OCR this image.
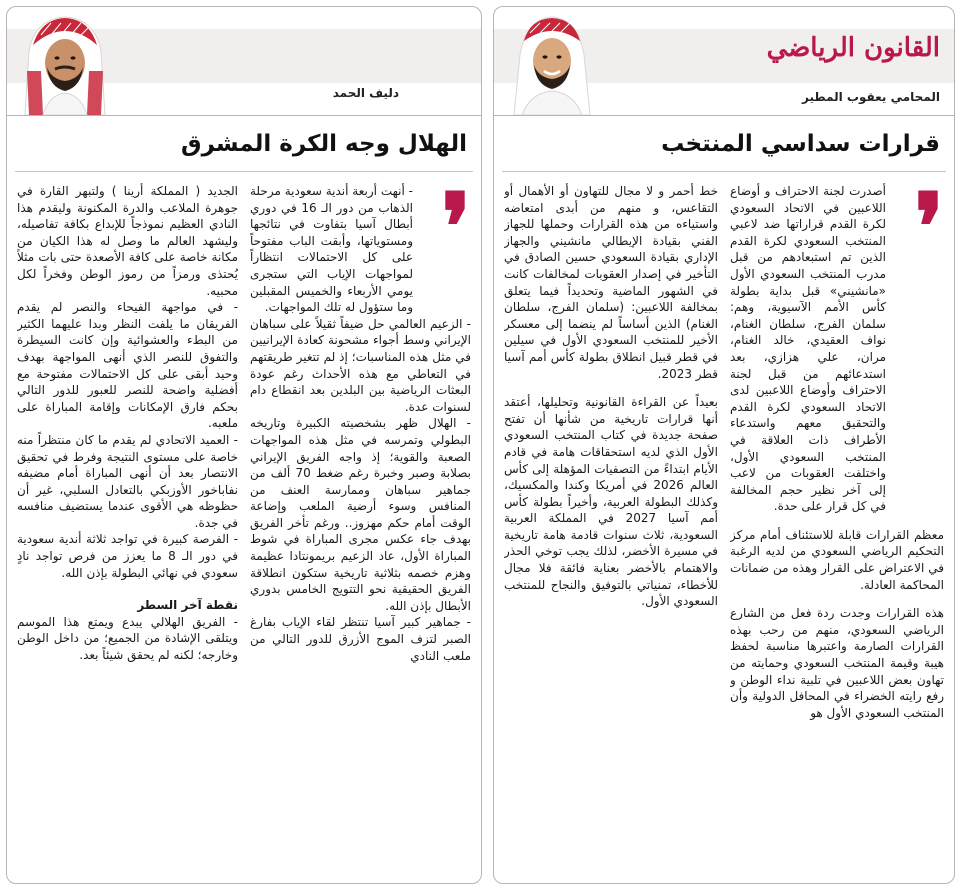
القانون الرياضي
المحامي يعقوب المطير
قرارات سداسي المنتخب
❜

أصدرت لجنة الاحتراف و أوضاع اللاعبين في الاتحاد السعودي لكرة القدم قراراتها ضد لاعبي المنتخب السعودي لكرة القدم الذين تم استبعادهم من قبل مدرب المنتخب السعودي الأول «مانشيني» قبل بداية بطولة كأس الأمم الآسيوية، وهم: سلمان الفرج، سلطان الغنام، نواف العقيدي، خالد الغنام، مران، علي هزازي، بعد استدعائهم من قبل لجنة الاحتراف وأوضاع اللاعبين لدى الاتحاد السعودي لكرة القدم والتحقيق معهم واستدعاء الأطراف ذات العلاقة في المنتخب السعودي الأول، واختلفت العقوبات من لاعب إلى آخر نظير حجم المخالفة في كل قرار على حدة.

معظم القرارات قابلة للاستئناف أمام مركز التحكيم الرياضي السعودي من لديه الرغبة في الاعتراض على القرار وهذه من ضمانات المحاكمة العادلة.

هذه القرارات وجدت ردة فعل من الشارع الرياضي السعودي، منهم من رحب بهذه القرارات الصارمة واعتبرها مناسبة لحفظ هيبة وقيمة المنتخب السعودي وحمايته من تهاون بعض اللاعبين في تلبية نداء الوطن و رفع رايته الخضراء في المحافل الدولية وأن المنتخب السعودي الأول هو

خط أحمر و لا مجال للتهاون أو الأهمال أو التقاعس، و منهم من أبدى امتعاضه واستياءه من هذه القرارات وحملها للجهاز الفني بقيادة الإيطالي مانشيني والجهاز الإداري بقيادة السعودي حسين الصادق في التأخير في إصدار العقوبات لمخالفات كانت في الشهور الماضية وتحديداً فيما يتعلق بمخالفة اللاعبين: (سلمان الفرج، سلطان الغنام) الذين أساساً لم ينضما إلى معسكر الأخير للمنتخب السعودي الأول في سيلين في قطر قبيل انطلاق بطولة كأس أمم آسيا قطر 2023.

بعيداً عن القراءة القانونية وتحليلها، أعتقد أنها قرارات تاريخية من شأنها أن تفتح صفحة جديدة في كتاب المنتخب السعودي الأول الذي لديه استحقاقات هامة في قادم الأيام ابتداءً من التصفيات المؤهلة إلى كأس العالم 2026 في أمريكا وكندا والمكسيك، وكذلك البطولة العربية، وأخيراً بطولة كأس أمم آسيا 2027 في المملكة العربية السعودية، ثلاث سنوات قادمة هامة تاريخية في مسيرة الأخضر، لذلك يجب توخي الحذر والاهتمام بالأخضر بعناية فائقة فلا مجال للأخطاء، تمنياتي بالتوفيق والنجاح للمنتخب السعودي الأول.

دليف الحمد
الهلال وجه الكرة المشرق
❜

- أنهت أربعة أندية سعودية مرحلة الذهاب من دور الـ 16 في دوري أبطال آسيا بتفاوت في نتائجها ومستوياتها، وأبقت الباب مفتوحاً على كل الاحتمالات انتظاراً لمواجهات الإياب التي ستجرى يومي الأربعاء والخميس المقبلين وما ستؤول له تلك المواجهات.

- الزعيم العالمي حل ضيفاً ثقيلاً على سباهان الإيراني وسط أجواء مشحونة كعادة الإيرانيين في مثل هذه المناسبات؛ إذ لم تتغير طريقتهم في التعاطي مع هذه الأحداث رغم عودة البعثات الرياضية بين البلدين بعد انقطاع دام لسنوات عدة.

- الهلال ظهر بشخصيته الكبيرة وتاريخه البطولي وتمرسه في مثل هذه المواجهات الصعبة والقوية؛ إذ واجه الفريق الإيراني بصلابة وصبر وخبرة رغم ضغط 70 ألف من جماهير سباهان وممارسة العنف من المنافس وسوء أرضية الملعب وإضاعة الوقت أمام حكم مهزوز.. ورغم تأخر الفريق بهدف جاء عكس مجرى المباراة في شوط المباراة الأول، عاد الزعيم بريمونتادا عظيمة وهزم خصمه بثلاثية تاريخية ستكون انطلاقة الفريق الحقيقية نحو التتويج الخامس بدوري الأبطال بإذن الله.

- جماهير كبير آسيا تنتظر لقاء الإياب بفارغ الصبر لتزف الموج الأزرق للدور التالي من ملعب النادي

الجديد ( المملكة أرينا ) ولتبهر القارة في جوهرة الملاعب والدرة المكنونة وليقدم هذا النادي العظيم نموذجاً للإبداع بكافة تفاصيله، وليشهد العالم ما وصل له هذا الكيان من مكانة خاصة على كافة الأصعدة حتى بات مثلاً يُحتذى ورمزاً من رموز الوطن وفخراً لكل محبيه.

- في مواجهة الفيحاء والنصر لم يقدم الفريقان ما يلفت النظر وبدا عليهما الكثير من البطء والعشوائية وإن كانت السيطرة والتفوق للنصر الذي أنهى المواجهة بهدف وحيد أبقى على كل الاحتمالات مفتوحة مع أفضلية واضحة للنصر للعبور للدور التالي بحكم فارق الإمكانات وإقامة المباراة على ملعبه.

- العميد الاتحادي لم يقدم ما كان منتظراً منه خاصة على مستوى النتيجة وفرط في تحقيق الانتصار بعد أن أنهى المباراة أمام مضيفه نفاباخور الأوزبكي بالتعادل السلبي، غير أن حظوظه هي الأقوى عندما يستضيف منافسه في جدة.

- الفرصة كبيرة في تواجد ثلاثة أندية سعودية في دور الـ 8 ما يعزز من فرص تواجد نادٍ سعودي في نهائي البطولة بإذن الله.

نقطة آخر السطر

- الفريق الهلالي يبدع ويمتع هذا الموسم ويتلقى الإشادة من الجميع؛ من داخل الوطن وخارجه؛ لكنه لم يحقق شيئاً بعد.
